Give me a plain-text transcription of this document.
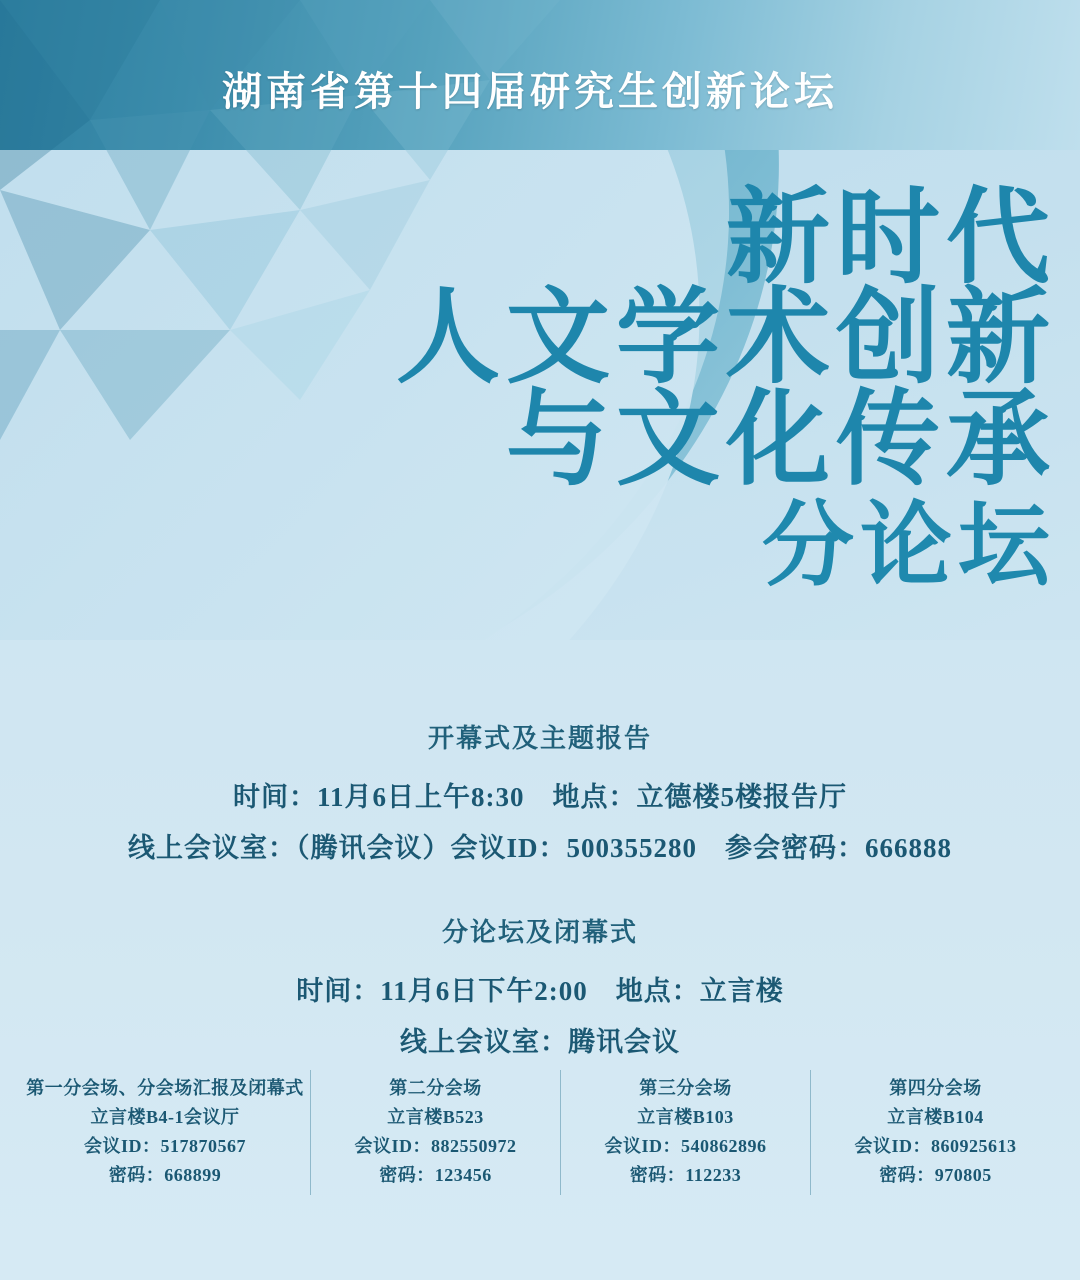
湖南省第十四届研究生创新论坛
新时代
人文学术创新
与文化传承
分论坛
开幕式及主题报告
时间：11月6日上午8:30 地点：立德楼5楼报告厅
线上会议室：（腾讯会议）会议ID：500355280 参会密码：666888
分论坛及闭幕式
时间：11月6日下午2:00 地点：立言楼
线上会议室：腾讯会议
第一分会场、分会场汇报及闭幕式
立言楼B4-1会议厅
会议ID：517870567
密码：668899
第二分会场
立言楼B523
会议ID：882550972
密码：123456
第三分会场
立言楼B103
会议ID：540862896
密码：112233
第四分会场
立言楼B104
会议ID：860925613
密码：970805
